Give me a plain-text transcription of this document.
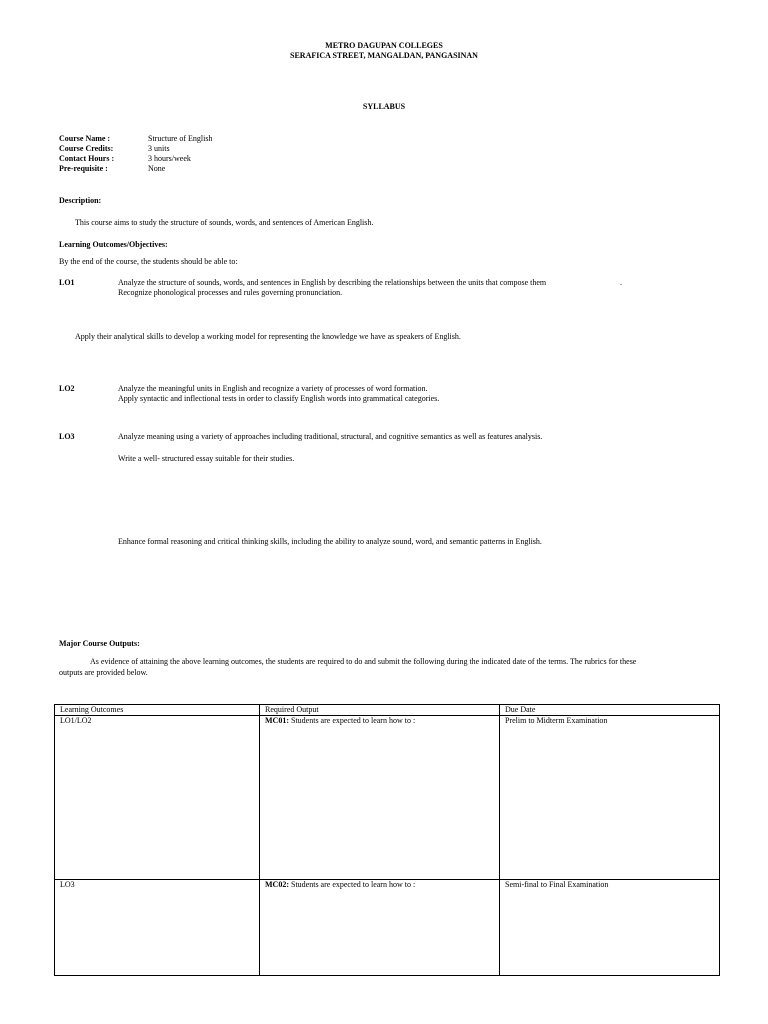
METRO DAGUPAN COLLEGES
SERAFICA STREET, MANGALDAN, PANGASINAN
SYLLABUS
Course Name :	Structure of English
Course Credits:	3 units
Contact Hours :	3 hours/week
Pre-requisite :	None
Description:
This course aims to study the structure of sounds, words, and sentences of American English.
Learning Outcomes/Objectives:
By the end of the course, the students should be able to:
LO1	Analyze the structure of sounds, words, and sentences in English by describing the relationships between the units that compose them	.
Recognize phonological processes and rules governing pronunciation.
Apply their analytical skills to develop a working model for representing the knowledge we have as speakers of English.
LO2	Analyze the meaningful units in English and recognize a variety of processes of word formation.
Apply syntactic and inflectional tests in order to classify English words into grammatical categories.
LO3	Analyze meaning using a variety of approaches including traditional, structural, and cognitive semantics as well as features analysis.
Write a well- structured essay suitable for their studies.
Enhance formal reasoning and critical thinking skills, including the ability to analyze sound, word, and semantic patterns in English.
Major Course Outputs:
As evidence of attaining the above learning outcomes, the students are required to do and submit the following during the indicated date of the terms. The rubrics for these
outputs are provided below.
Learning Outcomes	Required Output	Due Date
LO1/LO2	MC01: Students are expected to learn how to :	Prelim to Midterm Examination
LO3	MC02: Students are expected to learn how to :	Semi-final to Final Examination
